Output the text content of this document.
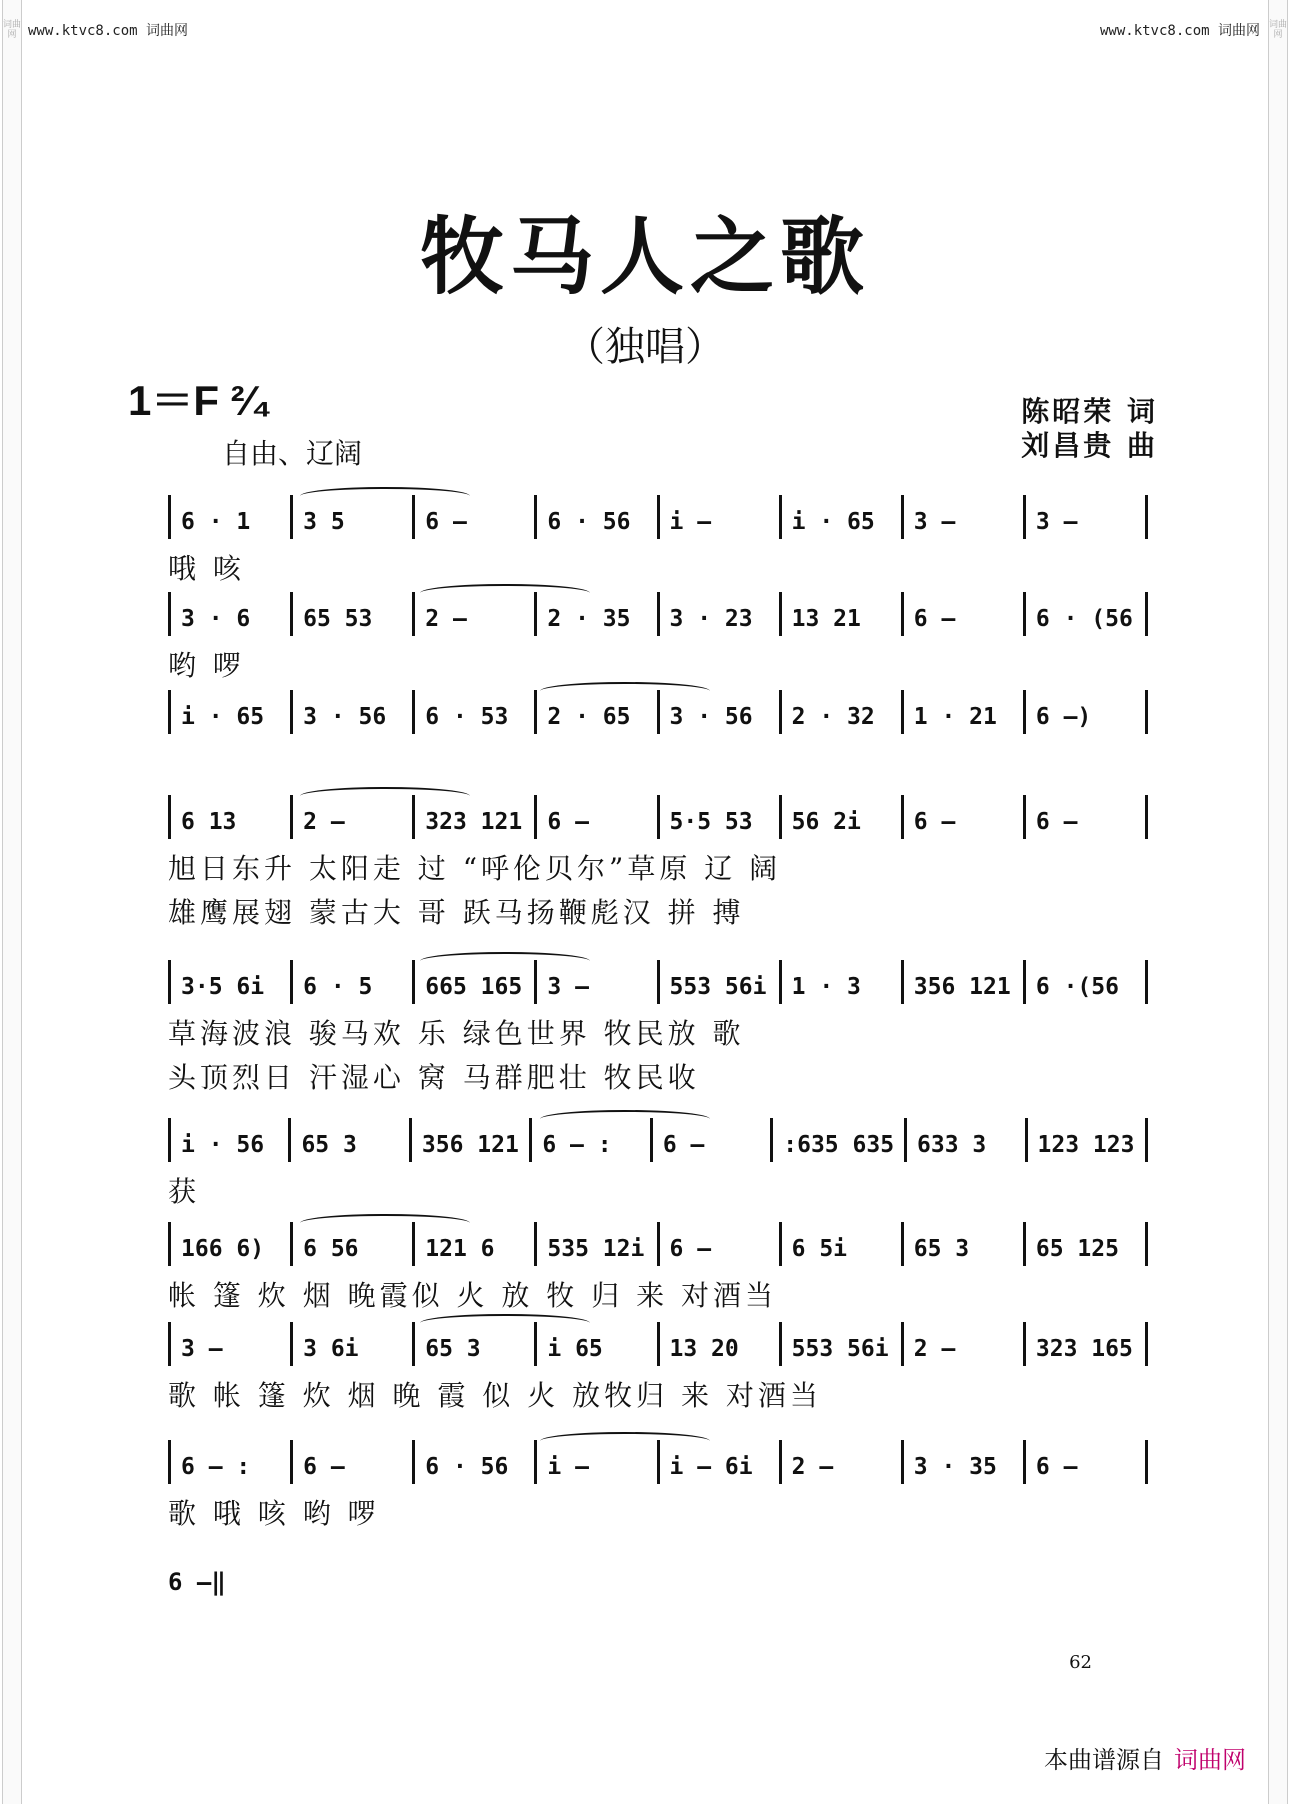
词曲网
词曲网
www.ktvc8.com 词曲网	www.ktvc8.com 词曲网
牧马人之歌
（独唱）
1＝F ²⁄₄	陈昭荣 词
刘昌贵 曲
自由、辽阔
6 · 1	3 5	6 —	6 · 56	i —	i · 65	3 —	3 —
哦 咳
3 · 6	65 53	2 —	2 · 35	3 · 23	13 21	6 —	6 · (56
哟 啰
i · 65	3 · 56	6 · 53	2 · 65	3 · 56	2 · 32	1 · 21	6 —)
6 13	2 —	323 121	6 —	5·5 53	56 2i	6 —	6 —
旭日东升 太阳走 过 “呼伦贝尔”草原 辽 阔
雄鹰展翅 蒙古大 哥 跃马扬鞭彪汉 拼 搏
3·5 6i	6 · 5	665 165	3 —	553 56i	1 · 3	356 121	6 ·(56
草海波浪 骏马欢 乐 绿色世界 牧民放 歌
头顶烈日 汗湿心 窝 马群肥壮 牧民收
i · 56	65 3	356 121	6 — :	6 —	:635 635	633 3	123 123
获
166 6)	6 56	121 6	535 12i	6 —	6 5i	65 3	65 125
帐 篷 炊 烟 晚霞似 火 放 牧 归 来 对酒当
3 —	3 6i	65 3	i 65	13 20	553 56i	2 —	323 165
歌 帐 篷 炊 烟 晚 霞 似 火 放牧归 来 对酒当
6 — :	6 —	6 · 56	i —	i — 6i	2 —	3 · 35	6 —
歌 哦 咳 哟 啰
6 —‖
62
本曲谱源自 词曲网
